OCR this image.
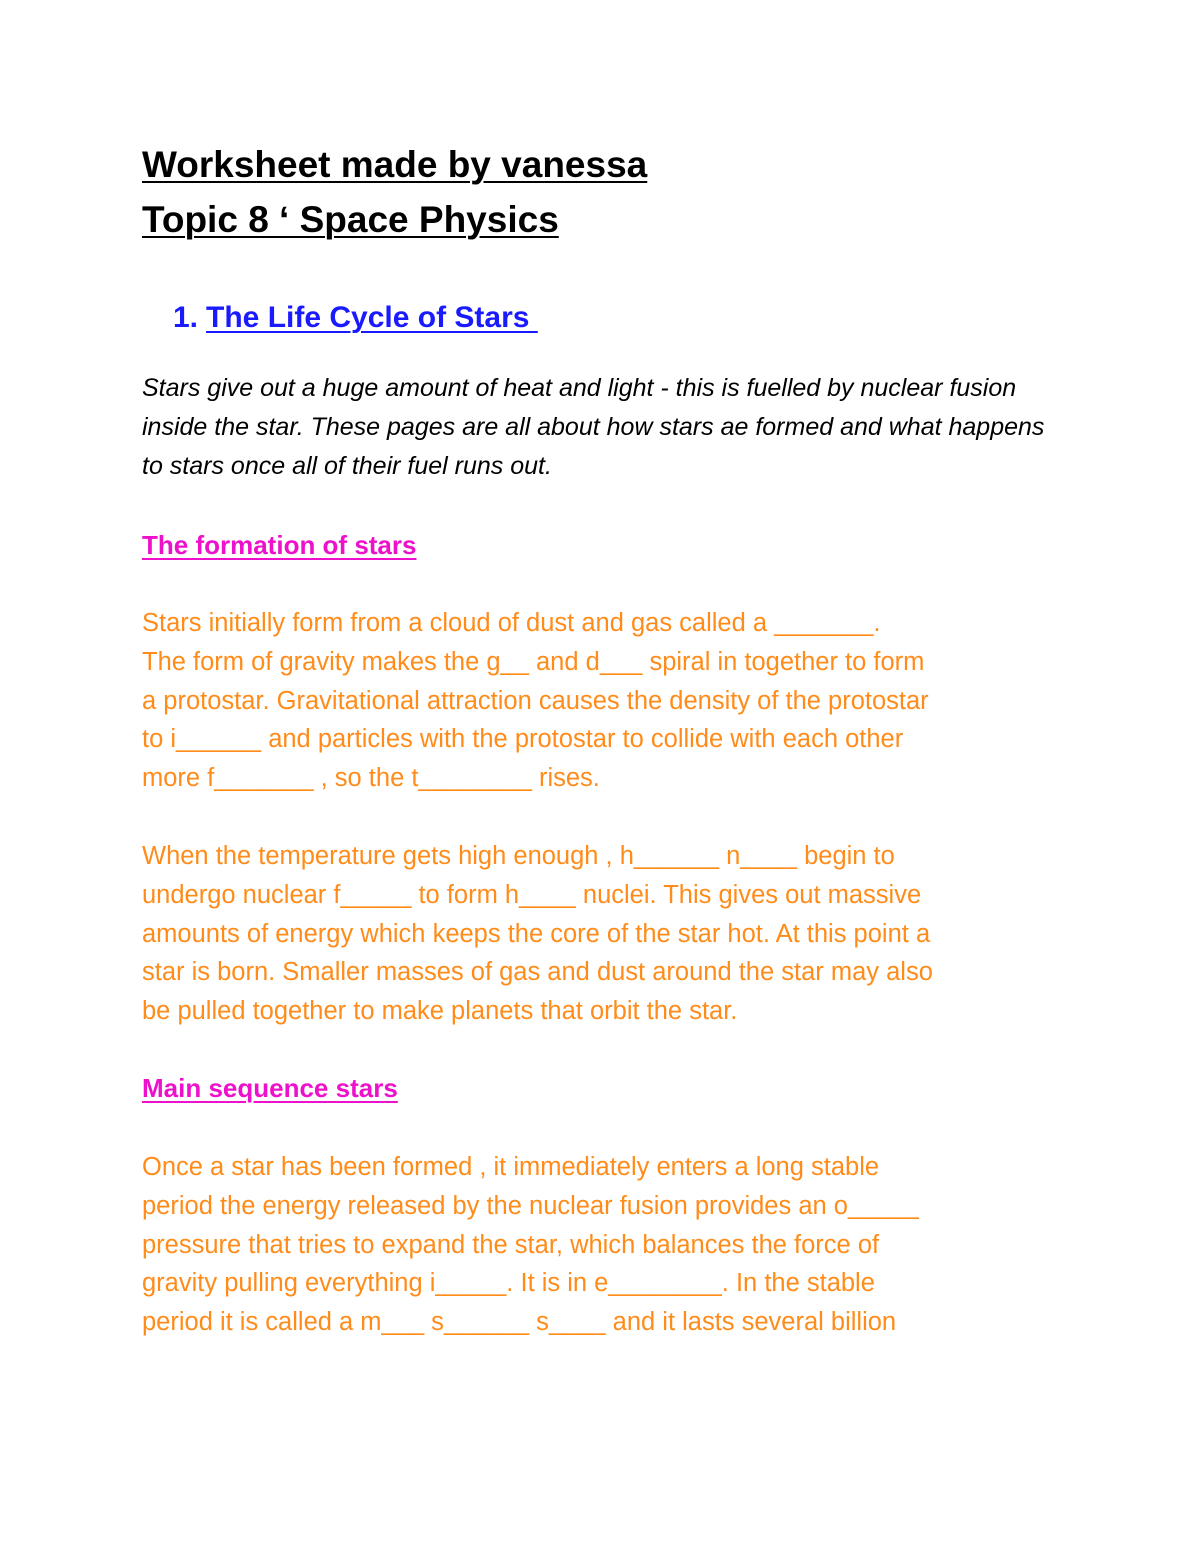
Worksheet made by vanessa
Topic 8 ‘ Space Physics
1. The Life Cycle of Stars

Stars give out a huge amount of heat and light - this is fuelled by nuclear fusion inside the star. These pages are all about how stars ae formed and what happens to stars once all of their fuel runs out.

The formation of stars

Stars initially form from a cloud of dust and gas called a _______.
The form of gravity makes the g__ and d___ spiral in together to form
a protostar. Gravitational attraction causes the density of the protostar
to i______ and particles with the protostar to collide with each other
more f_______ , so the t________ rises.

When the temperature gets high enough , h______ n____ begin to
undergo nuclear f_____ to form h____ nuclei. This gives out massive
amounts of energy which keeps the core of the star hot. At this point a
star is born. Smaller masses of gas and dust around the star may also
be pulled together to make planets that orbit the star.

Main sequence stars

Once a star has been formed , it immediately enters a long stable
period the energy released by the nuclear fusion provides an o_____
pressure that tries to expand the star, which balances the force of
gravity pulling everything i_____. It is in e________. In the stable
period it is called a m___ s______ s____ and it lasts several billion
